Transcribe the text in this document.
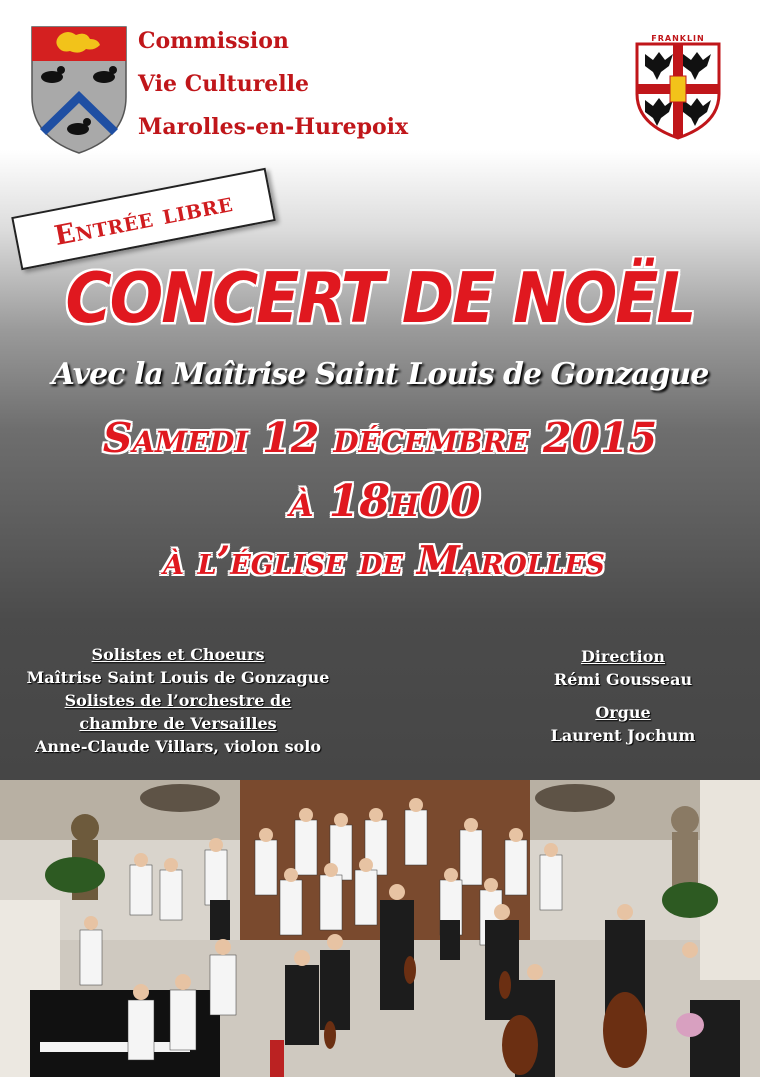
Commission
Vie Culturelle
Marolles-en-Hurepoix
FRANKLIN
Entrée libre
CONCERT DE NOËL
Avec la Maîtrise Saint Louis de Gonzague
Samedi 12 décembre 2015
à 18h00
à l’église de Marolles
Solistes et Choeurs
Maîtrise Saint Louis de Gonzague
Solistes de l’orchestre de
chambre de Versailles
Anne-Claude Villars, violon solo
Direction
Rémi Gousseau
Orgue
Laurent Jochum
